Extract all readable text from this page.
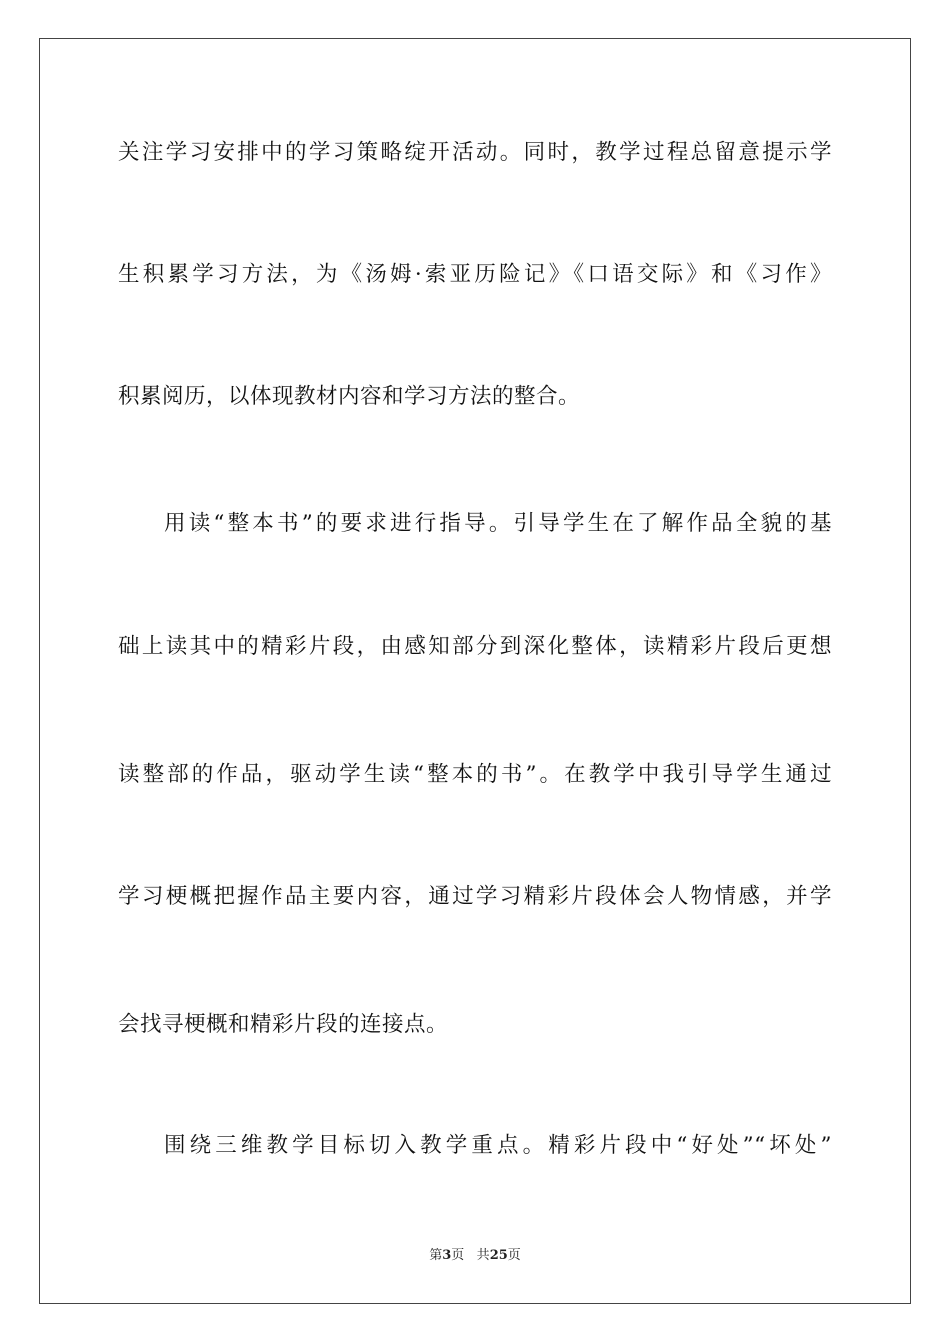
关注学习安排中的学习策略绽开活动。同时，教学过程总留意提示学
生积累学习方法，为《汤姆·索亚历险记》《口语交际》和《习作》
积累阅历，以体现教材内容和学习方法的整合。
用读“整本书”的要求进行指导。引导学生在了解作品全貌的基
础上读其中的精彩片段，由感知部分到深化整体，读精彩片段后更想
读整部的作品，驱动学生读“整本的书”。在教学中我引导学生通过
学习梗概把握作品主要内容，通过学习精彩片段体会人物情感，并学
会找寻梗概和精彩片段的连接点。
围绕三维教学目标切入教学重点。精彩片段中“好处”“坏处”
第3页 共25页
